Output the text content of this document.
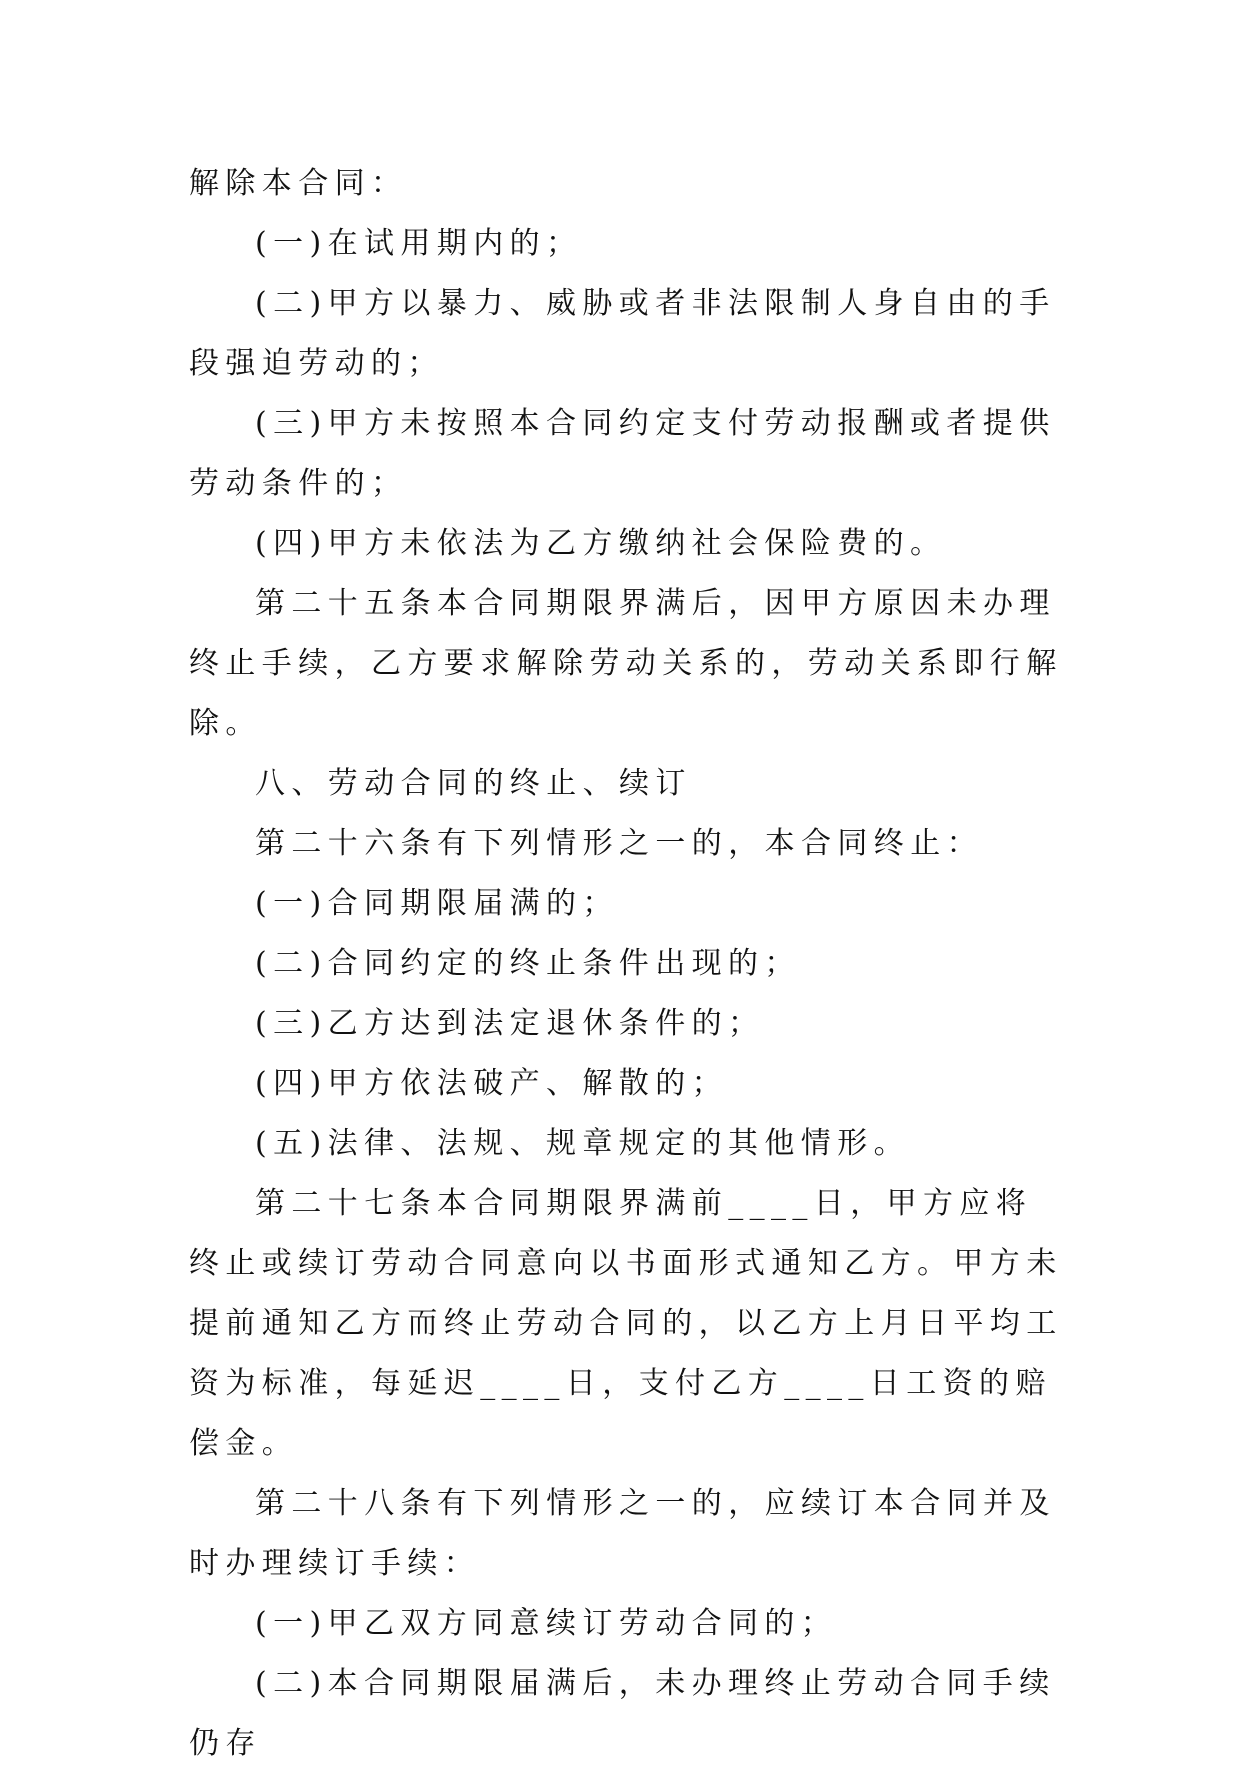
解除本合同：

(一)在试用期内的；

(二)甲方以暴力、威胁或者非法限制人身自由的手段强迫劳动的；

(三)甲方未按照本合同约定支付劳动报酬或者提供劳动条件的；

(四)甲方未依法为乙方缴纳社会保险费的。

第二十五条本合同期限界满后，因甲方原因未办理终止手续，乙方要求解除劳动关系的，劳动关系即行解除。

八、劳动合同的终止、续订

第二十六条有下列情形之一的，本合同终止：

(一)合同期限届满的；

(二)合同约定的终止条件出现的；

(三)乙方达到法定退休条件的；

(四)甲方依法破产、解散的；

(五)法律、法规、规章规定的其他情形。

第二十七条本合同期限界满前____日，甲方应将终止或续订劳动合同意向以书面形式通知乙方。甲方未提前通知乙方而终止劳动合同的，以乙方上月日平均工资为标准，每延迟____日，支付乙方____日工资的赔偿金。

第二十八条有下列情形之一的，应续订本合同并及时办理续订手续：

(一)甲乙双方同意续订劳动合同的；

(二)本合同期限届满后，未办理终止劳动合同手续仍存
